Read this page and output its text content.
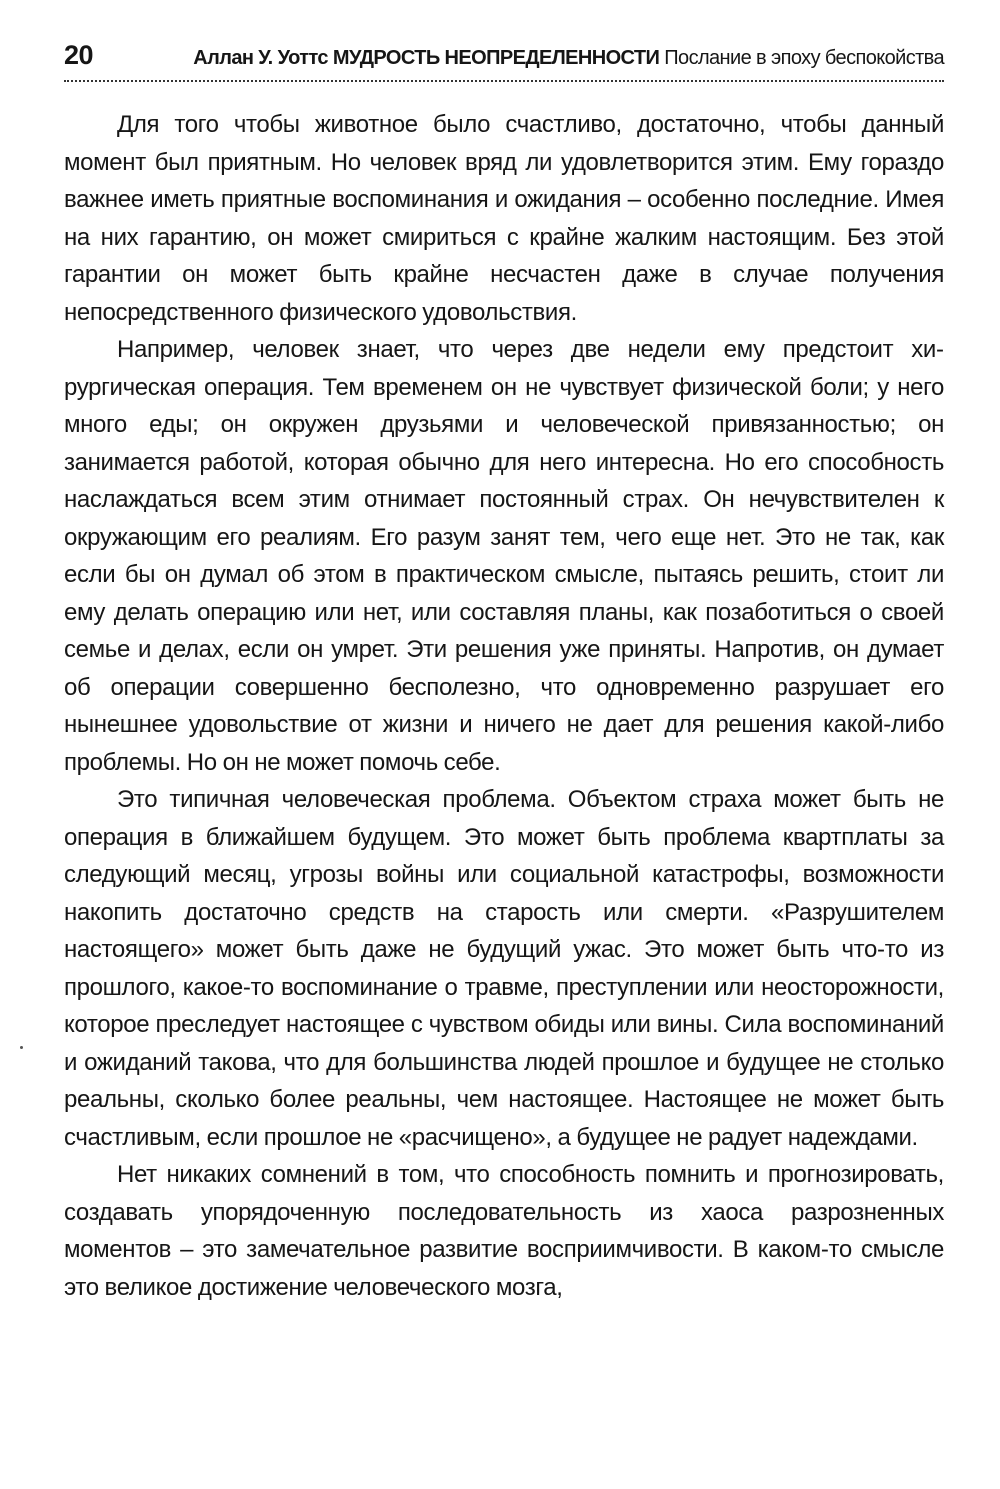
20	Аллан У. Уоттс МУДРОСТЬ НЕОПРЕДЕЛЕННОСТИ Послание в эпоху беспокойства

Для того чтобы животное было счастливо, достаточно, чтобы данный момент был приятным. Но человек вряд ли удовлетворится этим. Ему гораздо важнее иметь приятные воспоминания и ожидания – особенно последние. Имея на них гарантию, он может смириться с крайне жалким настоящим. Без этой гарантии он может быть крайне несчастен даже в случае получения непосредственного физического удовольствия.

Например, человек знает, что через две недели ему предстоит хирургическая операция. Тем временем он не чувствует физической боли; у него много еды; он окружен друзьями и человеческой привязанностью; он занимается работой, которая обычно для него интересна. Но его способность наслаждаться всем этим отнимает постоянный страх. Он нечувствителен к окружающим его реалиям. Его разум занят тем, чего еще нет. Это не так, как если бы он думал об этом в практическом смысле, пытаясь решить, стоит ли ему делать операцию или нет, или составляя планы, как позаботиться о своей семье и делах, если он умрет. Эти решения уже приняты. Напротив, он думает об операции совершенно бесполезно, что одновременно разрушает его нынешнее удовольствие от жизни и ничего не дает для решения какой-либо проблемы. Но он не может помочь себе.

Это типичная человеческая проблема. Объектом страха может быть не операция в ближайшем будущем. Это может быть проблема квартплаты за следующий месяц, угрозы войны или социальной катастрофы, возможности накопить достаточно средств на старость или смерти. «Разрушителем настоящего» может быть даже не будущий ужас. Это может быть что-то из прошлого, какое-то воспоминание о травме, преступлении или неосторожности, которое преследует настоящее с чувством обиды или вины. Сила воспоминаний и ожиданий такова, что для большинства людей прошлое и будущее не столько реальны, сколько более реальны, чем настоящее. Настоящее не может быть счастливым, если прошлое не «расчищено», а будущее не радует надеждами.

Нет никаких сомнений в том, что способность помнить и прогнозировать, создавать упорядоченную последовательность из хаоса разрозненных моментов – это замечательное развитие восприимчивости. В каком-то смысле это великое достижение человеческого мозга,
